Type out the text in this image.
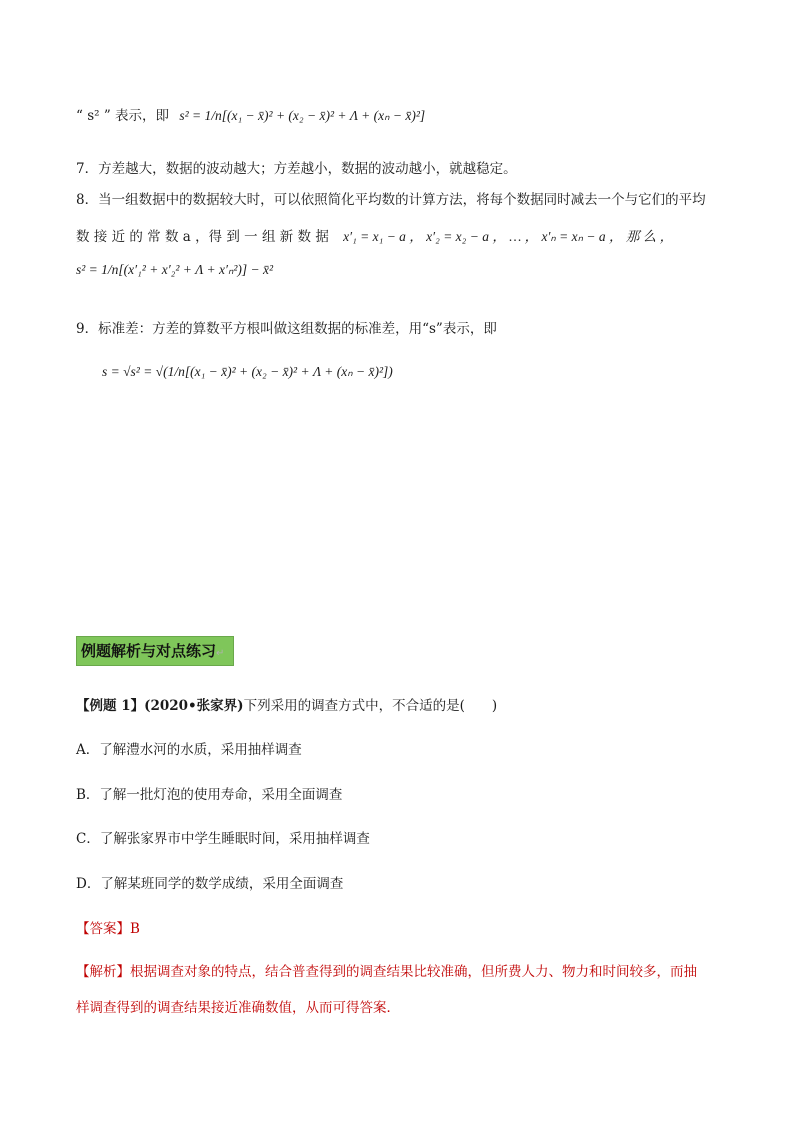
“ s² ” 表示，即 s² = 1/n[(x₁ − x̄)² + (x₂ − x̄)² + Λ + (xₙ − x̄)²]
7．方差越大，数据的波动越大；方差越小，数据的波动越小，就越稳定。
8．当一组数据中的数据较大时，可以依照简化平均数的计算方法，将每个数据同时减去一个与它们的平均
数 接 近 的 常 数 a ，得 到 一 组 新 数 据 x′₁ = x₁ − a ， x′₂ = x₂ − a ， … ， x′ₙ = xₙ − a ， 那 么 ，
s² = 1/n[(x′₁² + x′₂² + Λ + x′ₙ²)] − x̄²
9．标准差：方差的算数平方根叫做这组数据的标准差，用“s”表示，即
s = √s² = √(1/n[(x₁ − x̄)² + (x₂ − x̄)² + Λ + (xₙ − x̄)²])
例题解析与对点练习↵
【例题 1】(2020•张家界)下列采用的调查方式中，不合适的是(　　)
A．了解澧水河的水质，采用抽样调查
B．了解一批灯泡的使用寿命，采用全面调查
C．了解张家界市中学生睡眠时间，采用抽样调查
D．了解某班同学的数学成绩，采用全面调查
【答案】B
【解析】根据调查对象的特点，结合普查得到的调查结果比较准确，但所费人力、物力和时间较多，而抽
样调查得到的调查结果接近准确数值，从而可得答案．
